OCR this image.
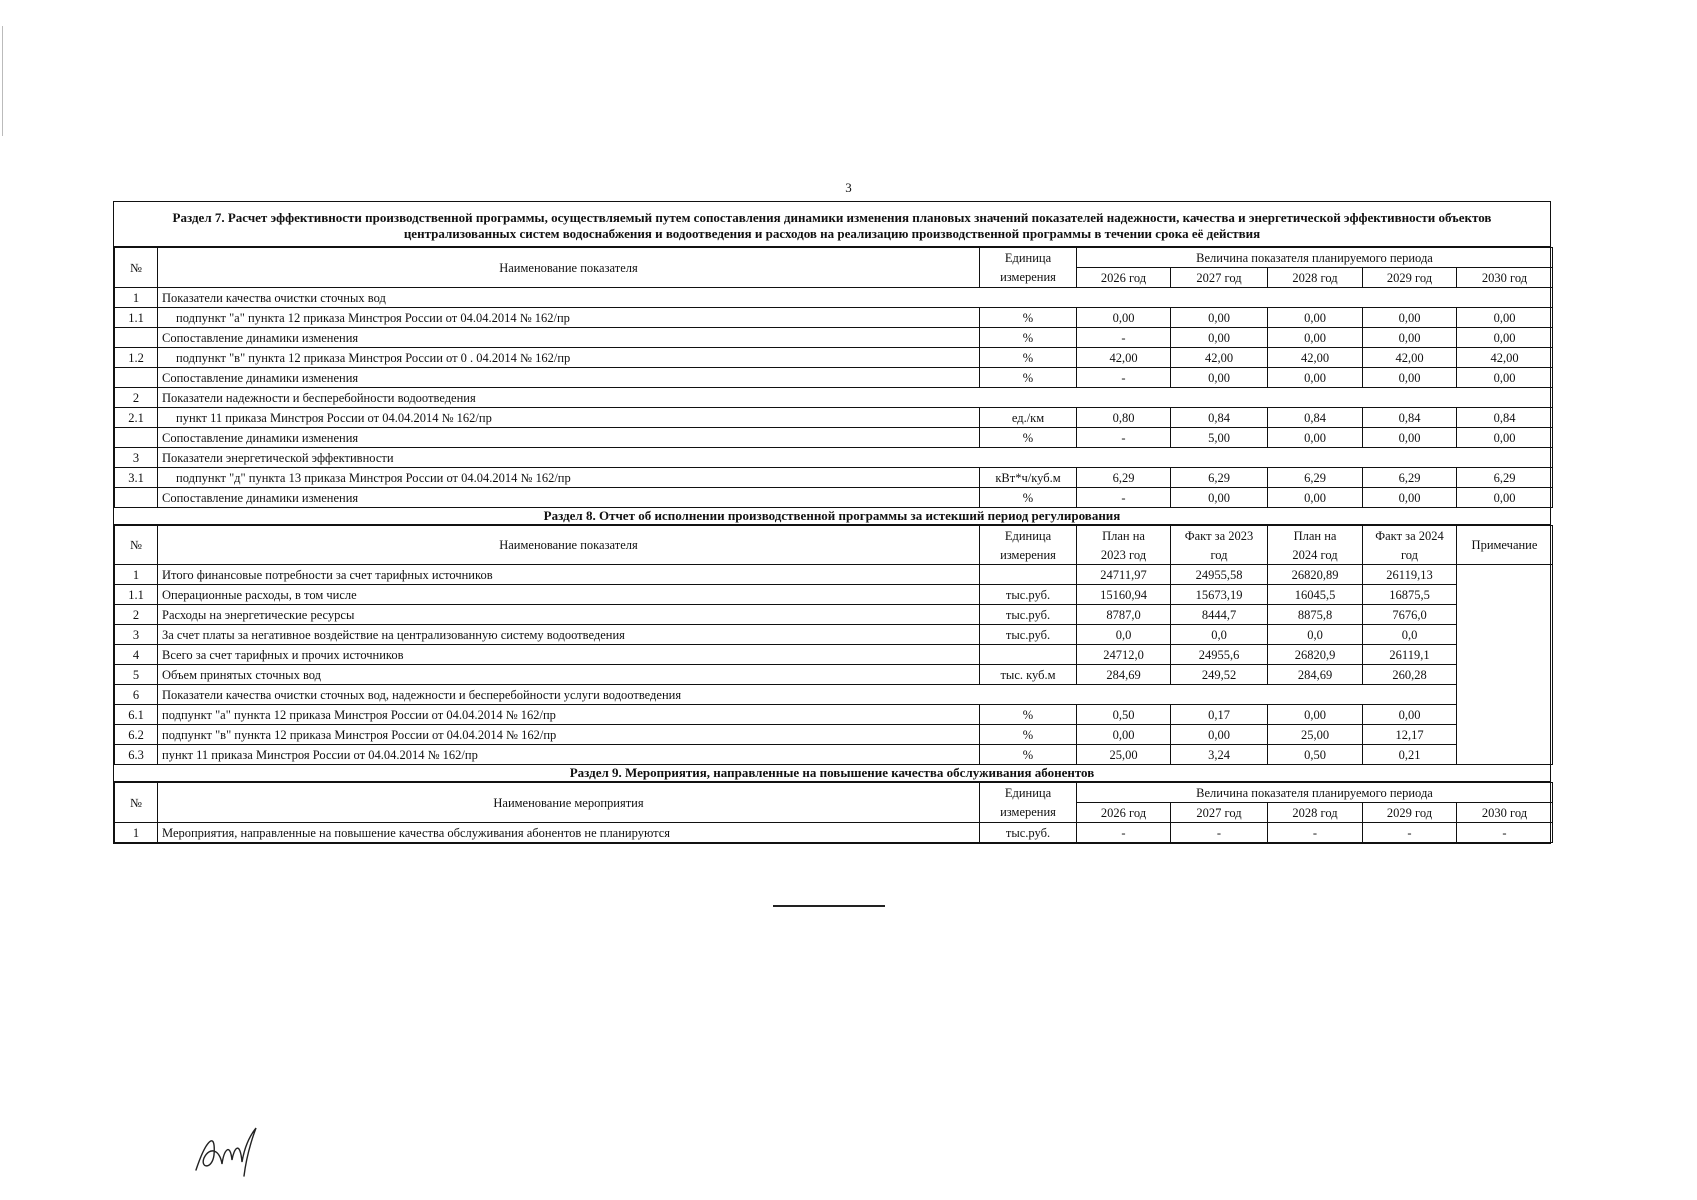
3
Раздел 7. Расчет эффективности производственной программы, осуществляемый путем сопоставления динамики изменения плановых значений показателей надежности, качества и энергетической эффективности объектов централизованных систем водоснабжения и водоотведения и расходов на реализацию производственной программы в течении срока её действия
№	Наименование показателя	Единица	Величина показателя планируемого периода				
		измерения	2026 год	2027 год	2028 год	2029 год	2030 год
1	Показатели качества очистки сточных вод						
1.1	подпункт "а" пункта 12 приказа Минстроя России от 04.04.2014 № 162/пр	%	0,00	0,00	0,00	0,00	0,00
	Сопоставление динамики изменения	%	-	0,00	0,00	0,00	0,00
1.2	подпункт "в" пункта 12 приказа Минстроя России от 0 . 04.2014 № 162/пр	%	42,00	42,00	42,00	42,00	42,00
	Сопоставление динамики изменения	%	-	0,00	0,00	0,00	0,00
2	Показатели надежности и бесперебойности водоотведения						
2.1	пункт 11 приказа Минстроя России от 04.04.2014 № 162/пр	ед./км	0,80	0,84	0,84	0,84	0,84
	Сопоставление динамики изменения	%	-	5,00	0,00	0,00	0,00
3	Показатели энергетической эффективности						
3.1	подпункт "д" пункта 13 приказа Минстроя России от 04.04.2014 № 162/пр	кВт*ч/куб.м	6,29	6,29	6,29	6,29	6,29
	Сопоставление динамики изменения	%	-	0,00	0,00	0,00	0,00
Раздел 8. Отчет об исполнении производственной программы за истекший период регулирования
№	Наименование показателя	Единица	План на	Факт за 2023	План на	Факт за 2024	Примечание
		измерения	2023 год	год	2024 год	год	
1	Итого финансовые потребности за счет тарифных источников		24711,97	24955,58	26820,89	26119,13	
1.1	Операционные расходы, в том числе	тыс.руб.	15160,94	15673,19	16045,5	16875,5	
2	Расходы на энергетические ресурсы	тыс.руб.	8787,0	8444,7	8875,8	7676,0	
3	За счет платы за негативное воздействие на централизованную систему водоотведения	тыс.руб.	0,0	0,0	0,0	0,0	
4	Всего за счет тарифных и прочих источников		24712,0	24955,6	26820,9	26119,1	
5	Объем принятых сточных вод	тыс. куб.м	284,69	249,52	284,69	260,28	
6	Показатели качества очистки сточных вод, надежности и бесперебойности услуги водоотведения						
6.1	подпункт "а" пункта 12 приказа Минстроя России от 04.04.2014 № 162/пр	%	0,50	0,17	0,00	0,00	
6.2	подпункт "в" пункта 12 приказа Минстроя России от 04.04.2014 № 162/пр	%	0,00	0,00	25,00	12,17	
6.3	пункт 11 приказа Минстроя России от 04.04.2014 № 162/пр	%	25,00	3,24	0,50	0,21	
Раздел 9. Мероприятия, направленные на повышение качества обслуживания абонентов
№	Наименование мероприятия	Единица	Величина показателя планируемого периода				
		измерения	2026 год	2027 год	2028 год	2029 год	2030 год
1	Мероприятия, направленные на повышение качества обслуживания абонентов не планируются	тыс.руб.	-	-	-	-	-
